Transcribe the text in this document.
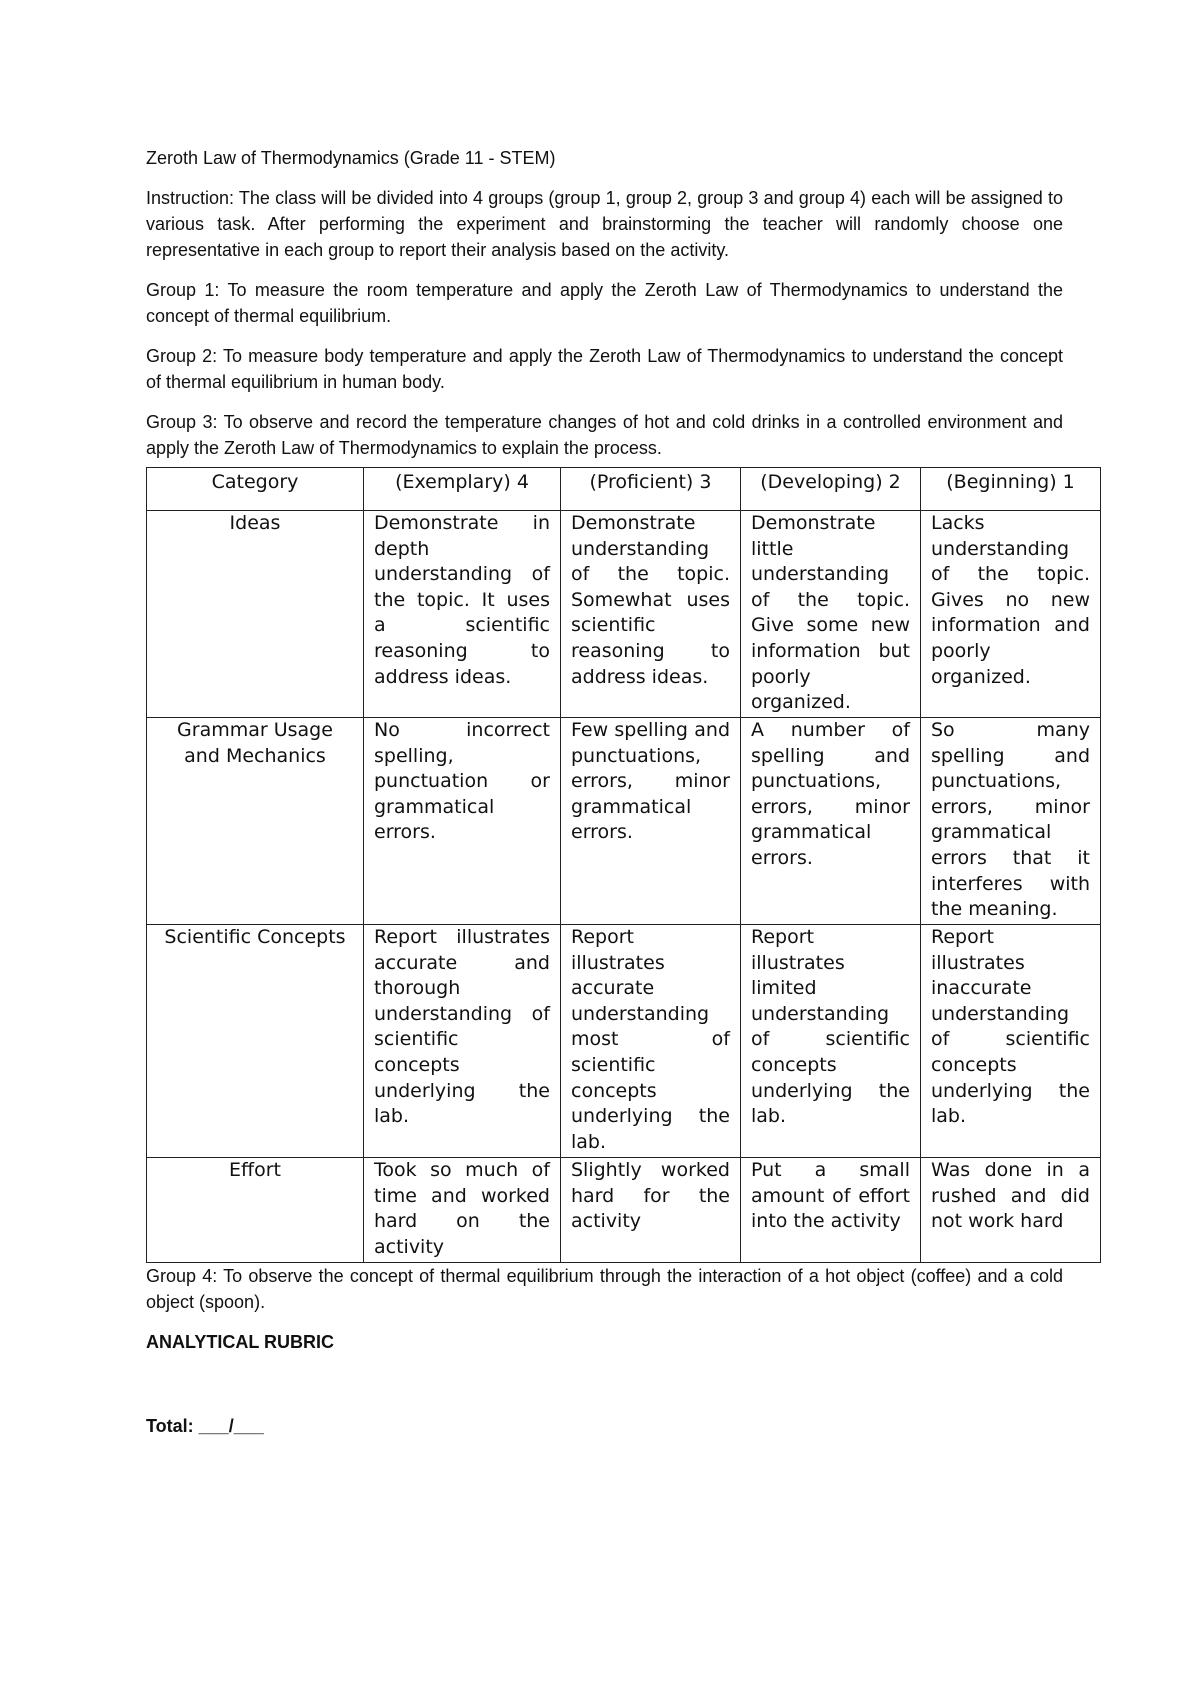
Zeroth Law of Thermodynamics (Grade 11 - STEM)

Instruction: The class will be divided into 4 groups (group 1, group 2, group 3 and group 4) each will be assigned to various task. After performing the experiment and brainstorming the teacher will randomly choose one representative in each group to report their analysis based on the activity.

Group 1: To measure the room temperature and apply the Zeroth Law of Thermodynamics to understand the concept of thermal equilibrium.

Group 2: To measure body temperature and apply the Zeroth Law of Thermodynamics to understand the concept of thermal equilibrium in human body.

Group 3: To observe and record the temperature changes of hot and cold drinks in a controlled environment and apply the Zeroth Law of Thermodynamics to explain the process.

Category	(Exemplary) 4	(Proficient) 3	(Developing) 2	(Beginning) 1
Ideas	Demonstrate in depth understanding of the topic. It uses a scientific reasoning to address ideas.	Demonstrate understanding of the topic. Somewhat uses scientific reasoning to address ideas.	Demonstrate little understanding of the topic. Give some new information but poorly organized.	Lacks understanding of the topic. Gives no new information and poorly organized.
Grammar Usage and Mechanics	No incorrect spelling, punctuation or grammatical errors.	Few spelling and punctuations, errors, minor grammatical errors.	A number of spelling and punctuations, errors, minor grammatical errors.	So many spelling and punctuations, errors, minor grammatical errors that it interferes with the meaning.
Scientific Concepts	Report illustrates accurate and thorough understanding of scientific concepts underlying the lab.	Report illustrates accurate understanding most of scientific concepts underlying the lab.	Report illustrates limited understanding of scientific concepts underlying the lab.	Report illustrates inaccurate understanding of scientific concepts underlying the lab.
Effort	Took so much of time and worked hard on the activity	Slightly worked hard for the activity	Put a small amount of effort into the activity	Was done in a rushed and did not work hard

Group 4: To observe the concept of thermal equilibrium through the interaction of a hot object (coffee) and a cold object (spoon).

ANALYTICAL RUBRIC

Total: ___/___
